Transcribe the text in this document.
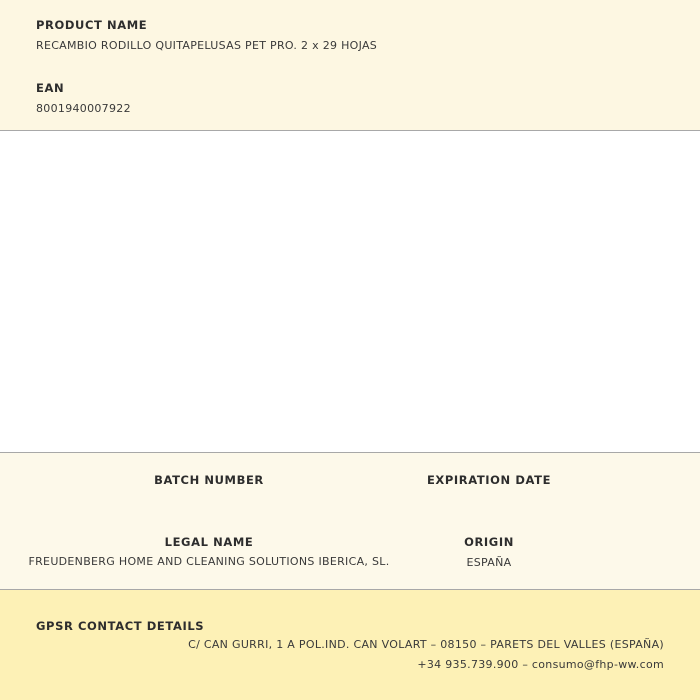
PRODUCT NAME
RECAMBIO RODILLO QUITAPELUSAS PET PRO. 2 x 29 HOJAS
EAN
8001940007922
BATCH NUMBER	EXPIRATION DATE
LEGAL NAME
FREUDENBERG HOME AND CLEANING SOLUTIONS IBERICA, SL.
ORIGIN
ESPAÑA
GPSR CONTACT DETAILS
C/ CAN GURRI, 1 A POL.IND. CAN VOLART – 08150 – PARETS DEL VALLES (ESPAÑA)
+34 935.739.900 – consumo@fhp-ww.com
